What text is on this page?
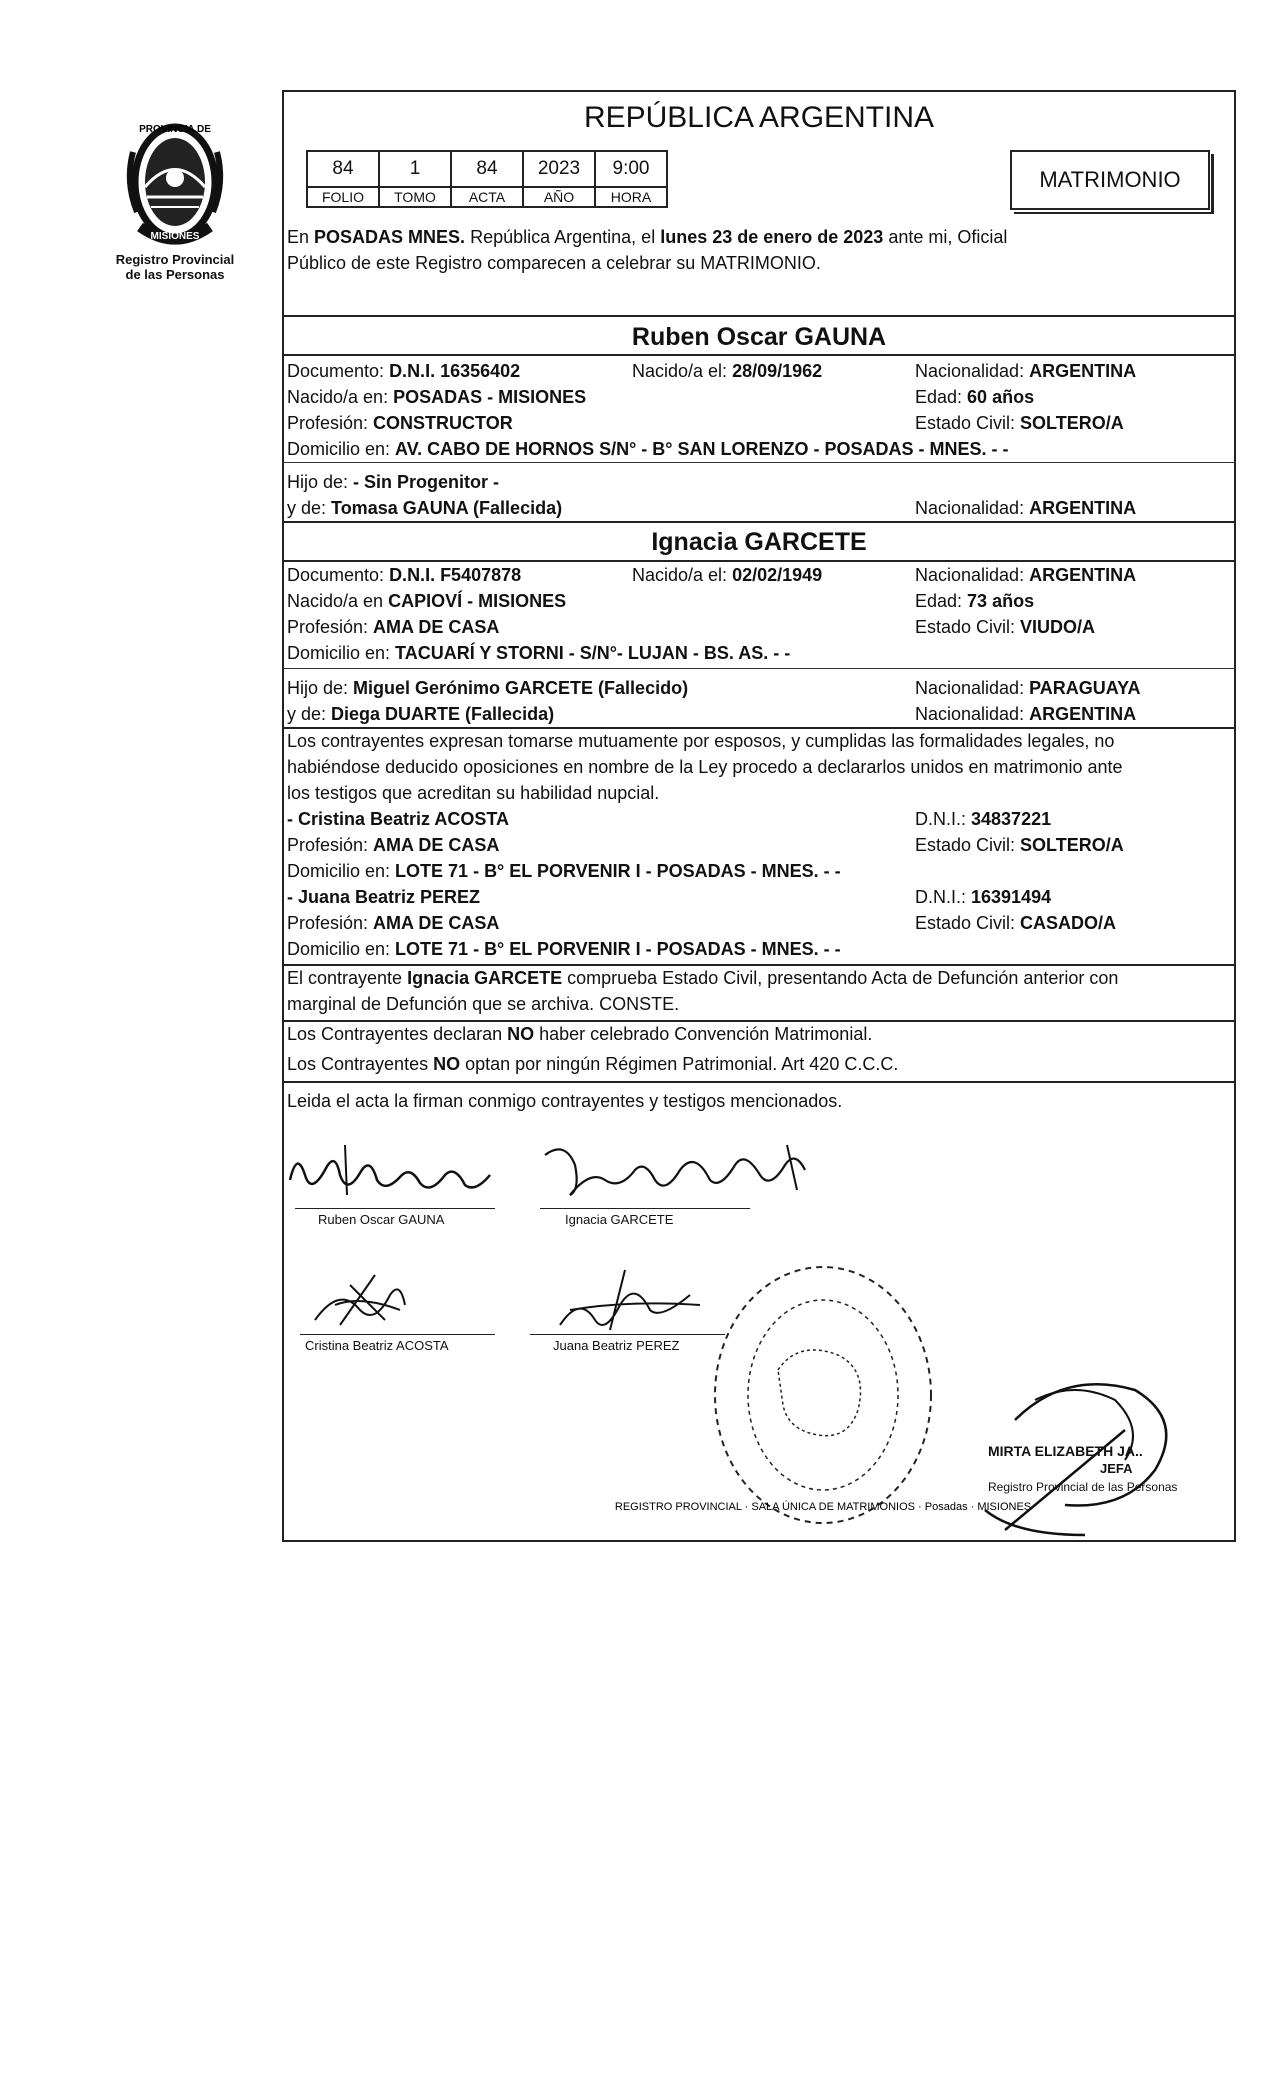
PROVINCIA DE
MISIONES
Registro Provincial
de las Personas
REPÚBLICA ARGENTINA
84	1	84	2023	9:00
FOLIO	TOMO	ACTA	AÑO	HORA
MATRIMONIO
En POSADAS MNES. República Argentina, el lunes 23 de enero de 2023 ante mi, Oficial
Público de este Registro comparecen a celebrar su MATRIMONIO.
Ruben Oscar GAUNA
Documento: D.N.I. 16356402	Nacido/a el: 28/09/1962	Nacionalidad: ARGENTINA
Nacido/a en: POSADAS - MISIONES	Edad: 60 años
Profesión: CONSTRUCTOR	Estado Civil: SOLTERO/A
Domicilio en: AV. CABO DE HORNOS S/N° - B° SAN LORENZO - POSADAS - MNES. - -
Hijo de: - Sin Progenitor -
y de: Tomasa GAUNA (Fallecida)	Nacionalidad: ARGENTINA
Ignacia GARCETE
Documento: D.N.I. F5407878	Nacido/a el: 02/02/1949	Nacionalidad: ARGENTINA
Nacido/a en CAPIOVÍ - MISIONES	Edad: 73 años
Profesión: AMA DE CASA	Estado Civil: VIUDO/A
Domicilio en: TACUARÍ Y STORNI - S/N°- LUJAN - BS. AS. - -
Hijo de: Miguel Gerónimo GARCETE (Fallecido)	Nacionalidad: PARAGUAYA
y de: Diega DUARTE (Fallecida)	Nacionalidad: ARGENTINA
Los contrayentes expresan tomarse mutuamente por esposos, y cumplidas las formalidades legales, no
habiéndose deducido oposiciones en nombre de la Ley procedo a declararlos unidos en matrimonio ante
los testigos que acreditan su habilidad nupcial.
- Cristina Beatriz ACOSTA	D.N.I.: 34837221
Profesión: AMA DE CASA	Estado Civil: SOLTERO/A
Domicilio en: LOTE 71 - B° EL PORVENIR I - POSADAS - MNES. - -
- Juana Beatriz PEREZ	D.N.I.: 16391494
Profesión: AMA DE CASA	Estado Civil: CASADO/A
Domicilio en: LOTE 71 - B° EL PORVENIR I - POSADAS - MNES. - -
El contrayente Ignacia GARCETE comprueba Estado Civil, presentando Acta de Defunción anterior con
marginal de Defunción que se archiva. CONSTE.
Los Contrayentes declaran NO haber celebrado Convención Matrimonial.
Los Contrayentes NO optan por ningún Régimen Patrimonial. Art 420 C.C.C.
Leida el acta la firman conmigo contrayentes y testigos mencionados.
Ruben Oscar GAUNA	Ignacia GARCETE
Cristina Beatriz ACOSTA	Juana Beatriz PEREZ
REGISTRO PROVINCIAL · SALA ÚNICA DE MATRIMONIOS · Posadas · MISIONES
MIRTA ELIZABETH JA..
JEFA
Registro Provincial de las Personas
